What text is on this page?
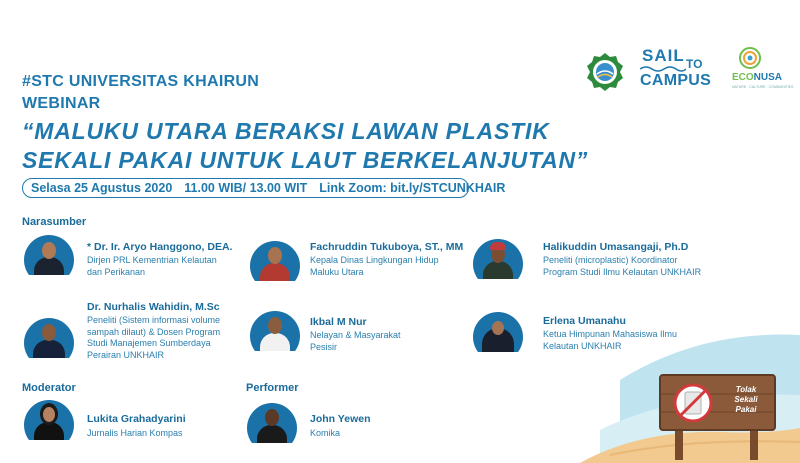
#STC UNIVERSITAS KHAIRUN
WEBINAR
“MALUKU UTARA BERAKSI LAWAN PLASTIK
SEKALI PAKAI UNTUK LAUT BERKELANJUTAN”
Selasa 25 Agustus 2020 11.00 WIB/ 13.00 WIT Link Zoom: bit.ly/STCUNKHAIR
SAIL TO
CAMPUS ECONUSA
NATURE · CULTURE · COMMUNITIES
Narasumber
Moderator	Performer
* Dr. Ir. Aryo Hanggono, DEA.
Dirjen PRL Kementrian Kelautan
dan Perikanan
Fachruddin Tukuboya, ST., MM
Kepala Dinas Lingkungan Hidup
Maluku Utara
Halikuddin Umasangaji, Ph.D
Peneliti (microplastic) Koordinator
Program Studi Ilmu Kelautan UNKHAIR
Dr. Nurhalis Wahidin, M.Sc
Peneliti (Sistem informasi volume
sampah dilaut) & Dosen Program
Studi Manajemen Sumberdaya
Perairan UNKHAIR
Ikbal M Nur
Nelayan & Masyarakat
Pesisir
Erlena Umanahu
Ketua Himpunan Mahasiswa Ilmu
Kelautan UNKHAIR
Lukita Grahadyarini
Jurnalis Harian Kompas
John Yewen
Komika
Tolak
Sekali
Pakai
